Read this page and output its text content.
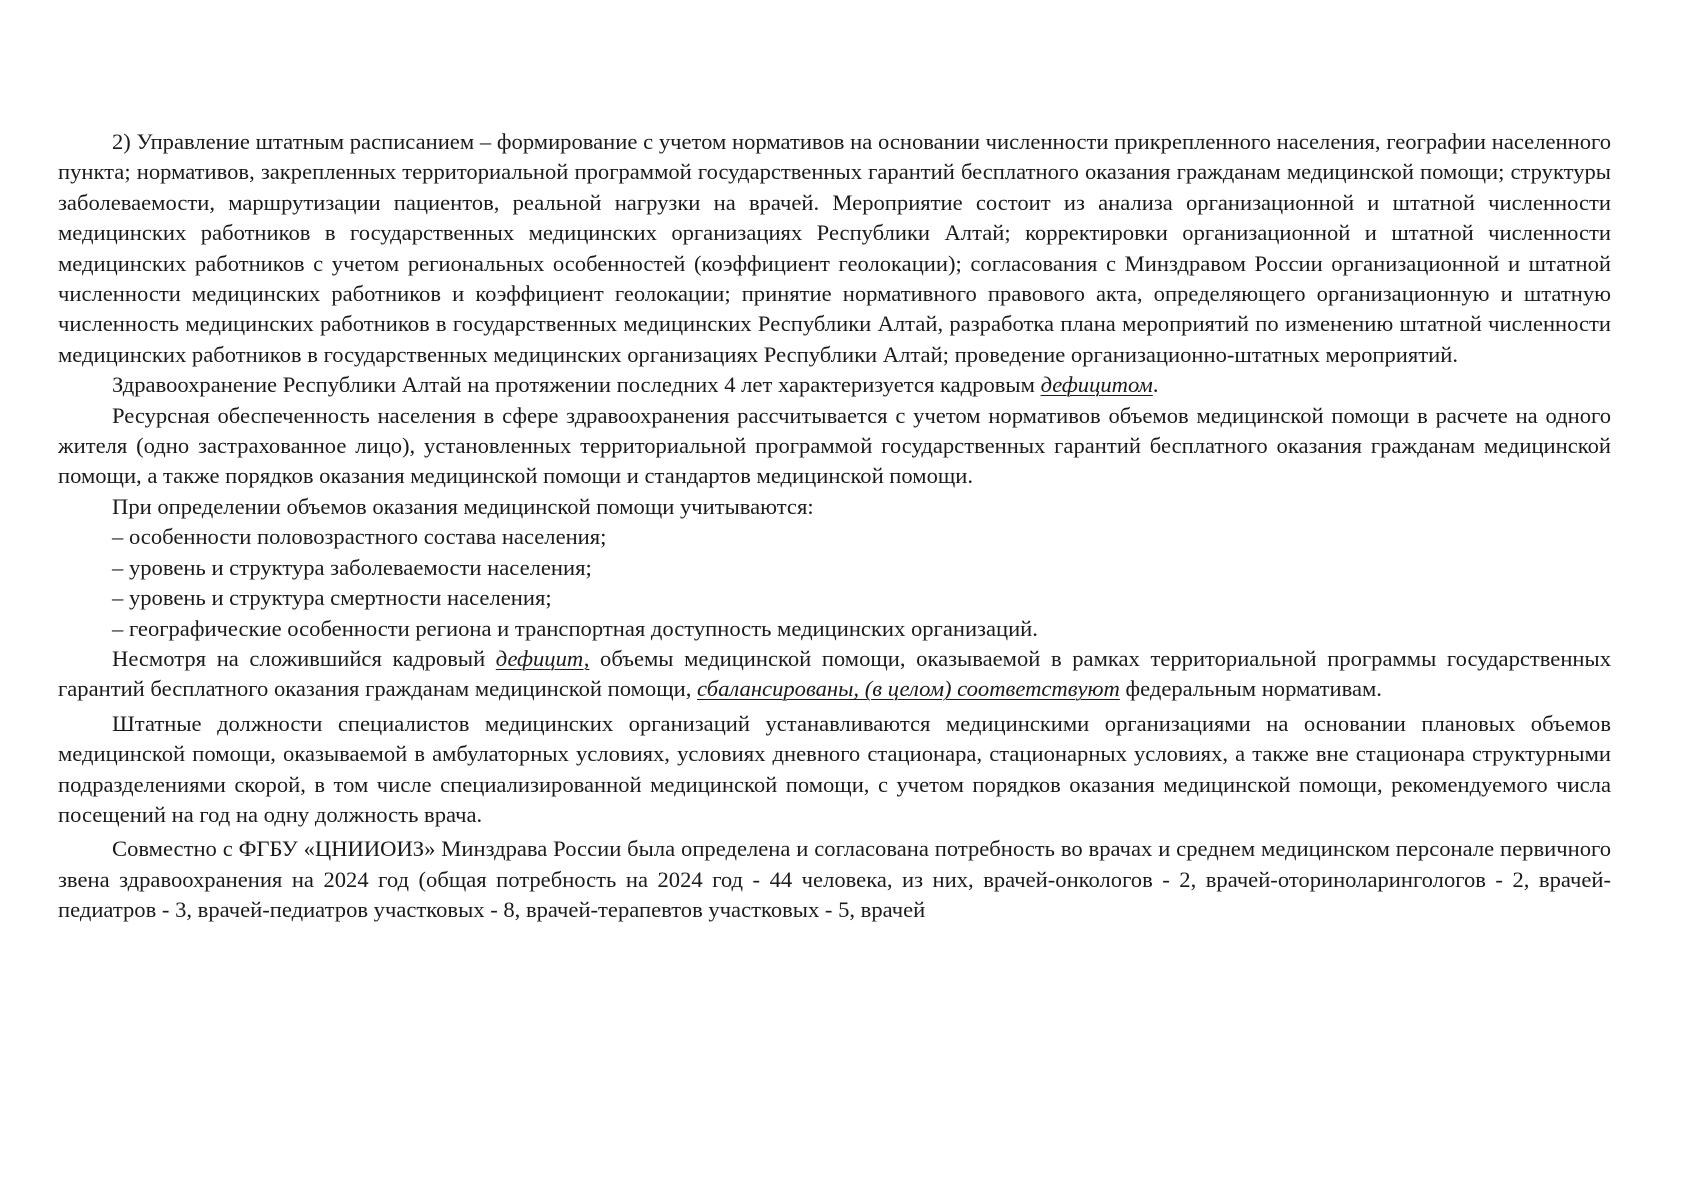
2) Управление штатным расписанием – формирование с учетом нормативов на основании численности прикрепленного населения, географии населенного пункта; нормативов, закрепленных территориальной программой государственных гарантий бесплатного оказания гражданам медицинской помощи; структуры заболеваемости, маршрутизации пациентов, реальной нагрузки на врачей. Мероприятие состоит из анализа организационной и штатной численности медицинских работников в государственных медицинских организациях Республики Алтай; корректировки организационной и штатной численности медицинских работников с учетом региональных особенностей (коэффициент геолокации); согласования с Минздравом России организационной и штатной численности медицинских работников и коэффициент геолокации; принятие нормативного правового акта, определяющего организационную и штатную численность медицинских работников в государственных медицинских Республики Алтай, разработка плана мероприятий по изменению штатной численности медицинских работников в государственных медицинских организациях Республики Алтай; проведение организационно-штатных мероприятий.

Здравоохранение Республики Алтай на протяжении последних 4 лет характеризуется кадровым дефицитом.

Ресурсная обеспеченность населения в сфере здравоохранения рассчитывается с учетом нормативов объемов медицинской помощи в расчете на одного жителя (одно застрахованное лицо), установленных территориальной программой государственных гарантий бесплатного оказания гражданам медицинской помощи, а также порядков оказания медицинской помощи и стандартов медицинской помощи.

При определении объемов оказания медицинской помощи учитываются:

– особенности половозрастного состава населения;

– уровень и структура заболеваемости населения;

– уровень и структура смертности населения;

– географические особенности региона и транспортная доступность медицинских организаций.

Несмотря на сложившийся кадровый дефицит, объемы медицинской помощи, оказываемой в рамках территориальной программы государственных гарантий бесплатного оказания гражданам медицинской помощи, сбалансированы, (в целом) соответствуют федеральным нормативам.

Штатные должности специалистов медицинских организаций устанавливаются медицинскими организациями на основании плановых объемов медицинской помощи, оказываемой в амбулаторных условиях, условиях дневного стационара, стационарных условиях, а также вне стационара структурными подразделениями скорой, в том числе специализированной медицинской помощи, с учетом порядков оказания медицинской помощи, рекомендуемого числа посещений на год на одну должность врача.

Совместно с ФГБУ «ЦНИИОИЗ» Минздрава России была определена и согласована потребность во врачах и среднем медицинском персонале первичного звена здравоохранения на 2024 год (общая потребность на 2024 год - 44 человека, из них, врачей-онкологов - 2, врачей-оториноларингологов - 2, врачей-педиатров - 3, врачей-педиатров участковых - 8, врачей-терапевтов участковых - 5, врачей
